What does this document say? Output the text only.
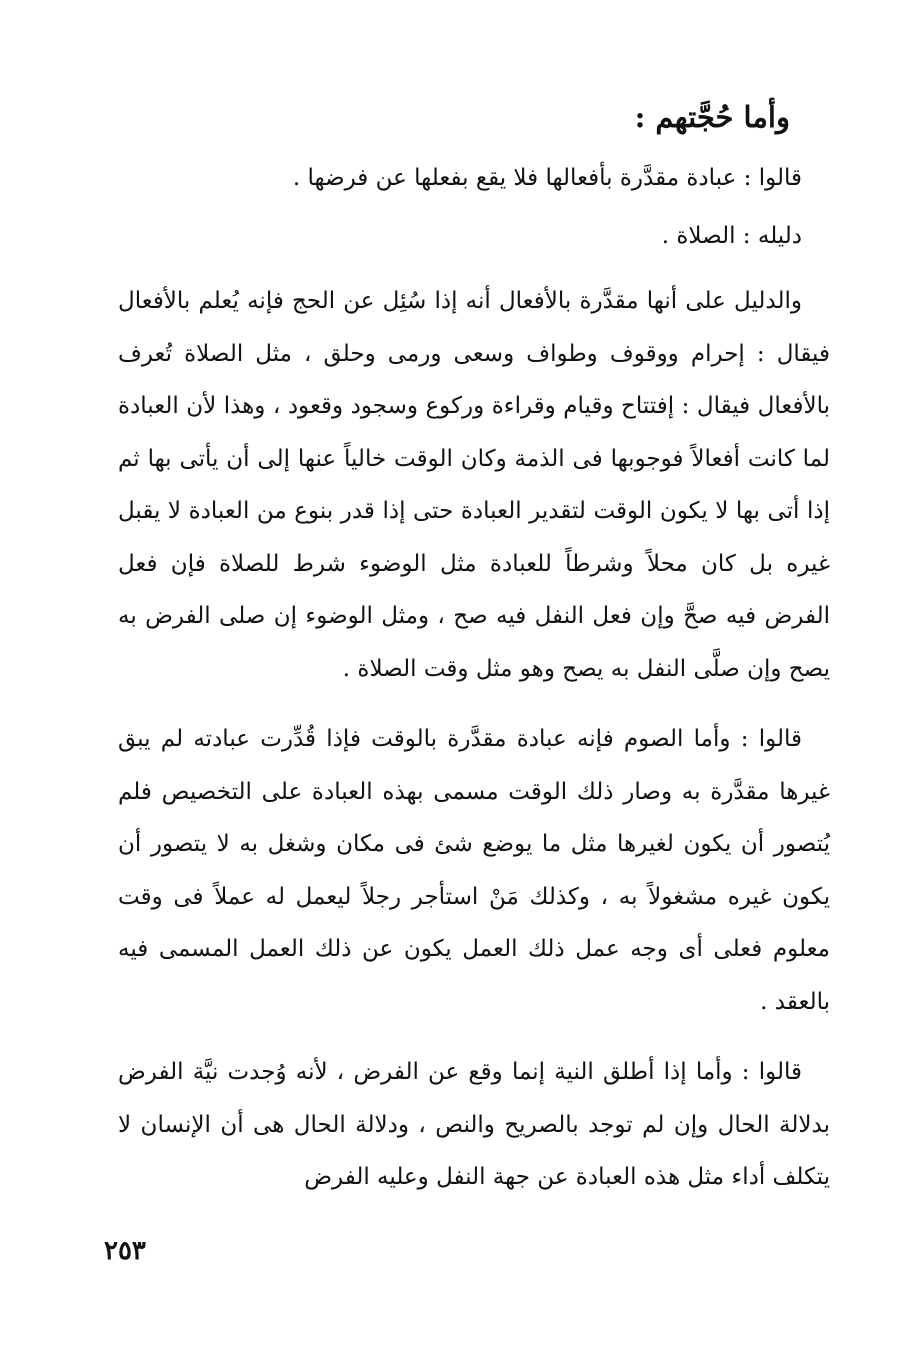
وأما حُجَّتهم :

قالوا : عبادة مقدَّرة بأفعالها فلا يقع بفعلها عن فرضها .

دليله : الصلاة .

والدليل على أنها مقدَّرة بالأفعال أنه إذا سُئِل عن الحج فإنه يُعلم بالأفعال فيقال : إحرام ووقوف وطواف وسعى ورمى وحلق ، مثل الصلاة تُعرف بالأفعال فيقال : إفتتاح وقيام وقراءة وركوع وسجود وقعود ، وهذا لأن العبادة لما كانت أفعالاً فوجوبها فى الذمة وكان الوقت خالياً عنها إلى أن يأتى بها ثم إذا أتى بها لا يكون الوقت لتقدير العبادة حتى إذا قدر بنوع من العبادة لا يقبل غيره بل كان محلاً وشرطاً للعبادة مثل الوضوء شرط للصلاة فإن فعل الفرض فيه صحَّ وإن فعل النفل فيه صح ، ومثل الوضوء إن صلى الفرض به يصح وإن صلَّى النفل به يصح وهو مثل وقت الصلاة .

قالوا : وأما الصوم فإنه عبادة مقدَّرة بالوقت فإذا قُدِّرت عبادته لم يبق غيرها مقدَّرة به وصار ذلك الوقت مسمى بهذه العبادة على التخصيص فلم يُتصور أن يكون لغيرها مثل ما يوضع شئ فى مكان وشغل به لا يتصور أن يكون غيره مشغولاً به ، وكذلك مَنْ استأجر رجلاً ليعمل له عملاً فى وقت معلوم فعلى أى وجه عمل ذلك العمل يكون عن ذلك العمل المسمى فيه بالعقد .

قالوا : وأما إذا أطلق النية إنما وقع عن الفرض ، لأنه وُجدت نيَّة الفرض بدلالة الحال وإن لم توجد بالصريح والنص ، ودلالة الحال هى أن الإنسان لا يتكلف أداء مثل هذه العبادة عن جهة النفل وعليه الفرض

٢٥٣
